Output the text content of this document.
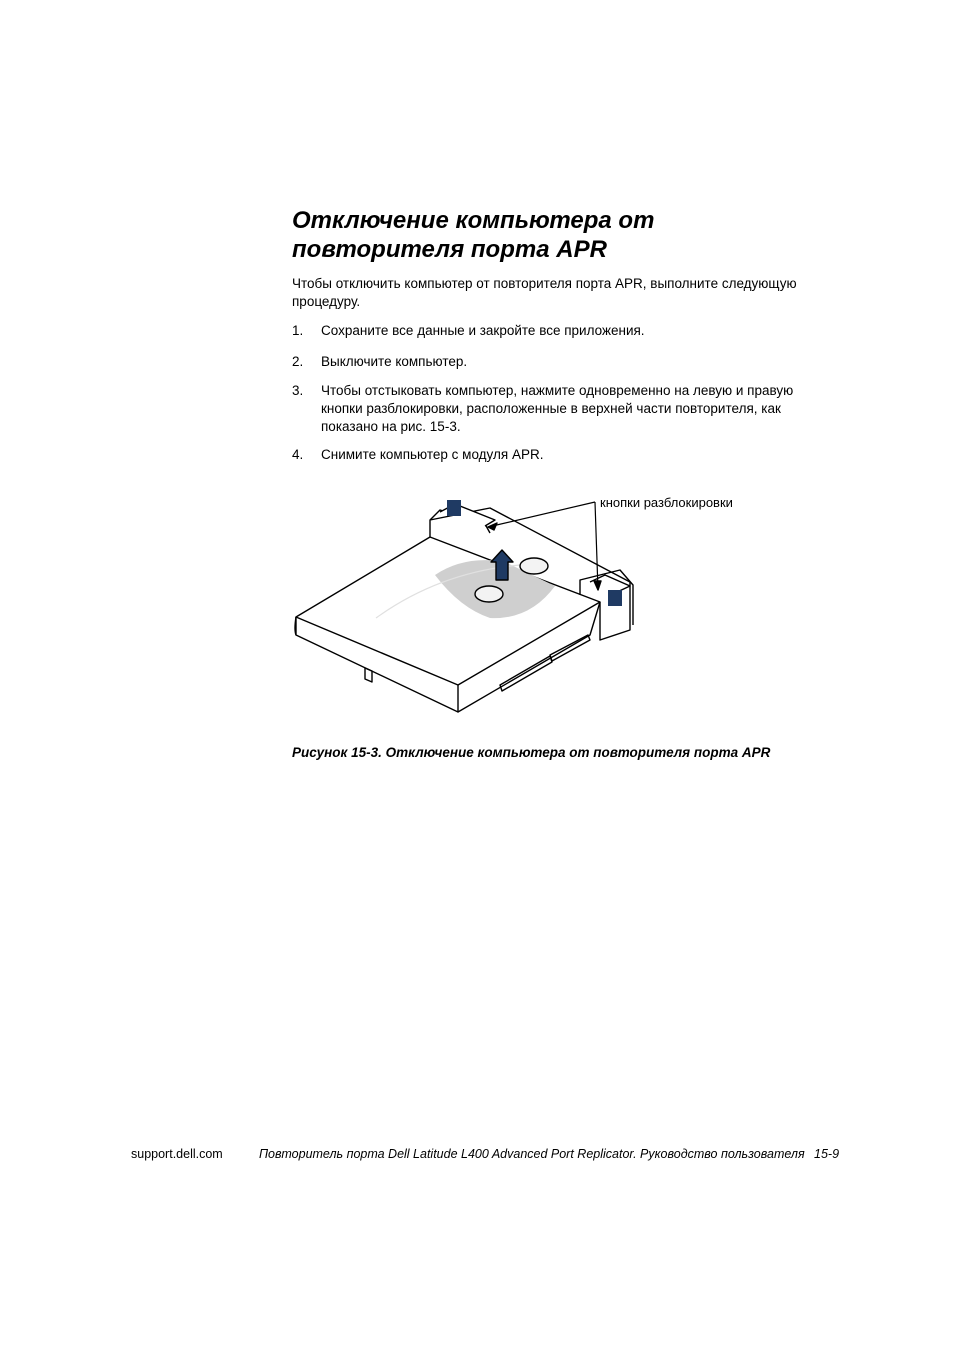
Отключение компьютера от
повторителя порта APR

Чтобы отключить компьютер от повторителя порта APR, выполните следующую процедуру.

1. Сохраните все данные и закройте все приложения.
2. Выключите компьютер.
3. Чтобы отстыковать компьютер, нажмите одновременно на левую и правую кнопки разблокировки, расположенные в верхней части повторителя, как показано на рис. 15-3.
4. Снимите компьютер с модуля APR.
кнопки разблокировки
Рисунок 15-3. Отключение компьютера от повторителя порта APR
support.dell.com	Повторитель порта Dell Latitude L400 Advanced Port Replicator. Руководство пользователя 15-9
